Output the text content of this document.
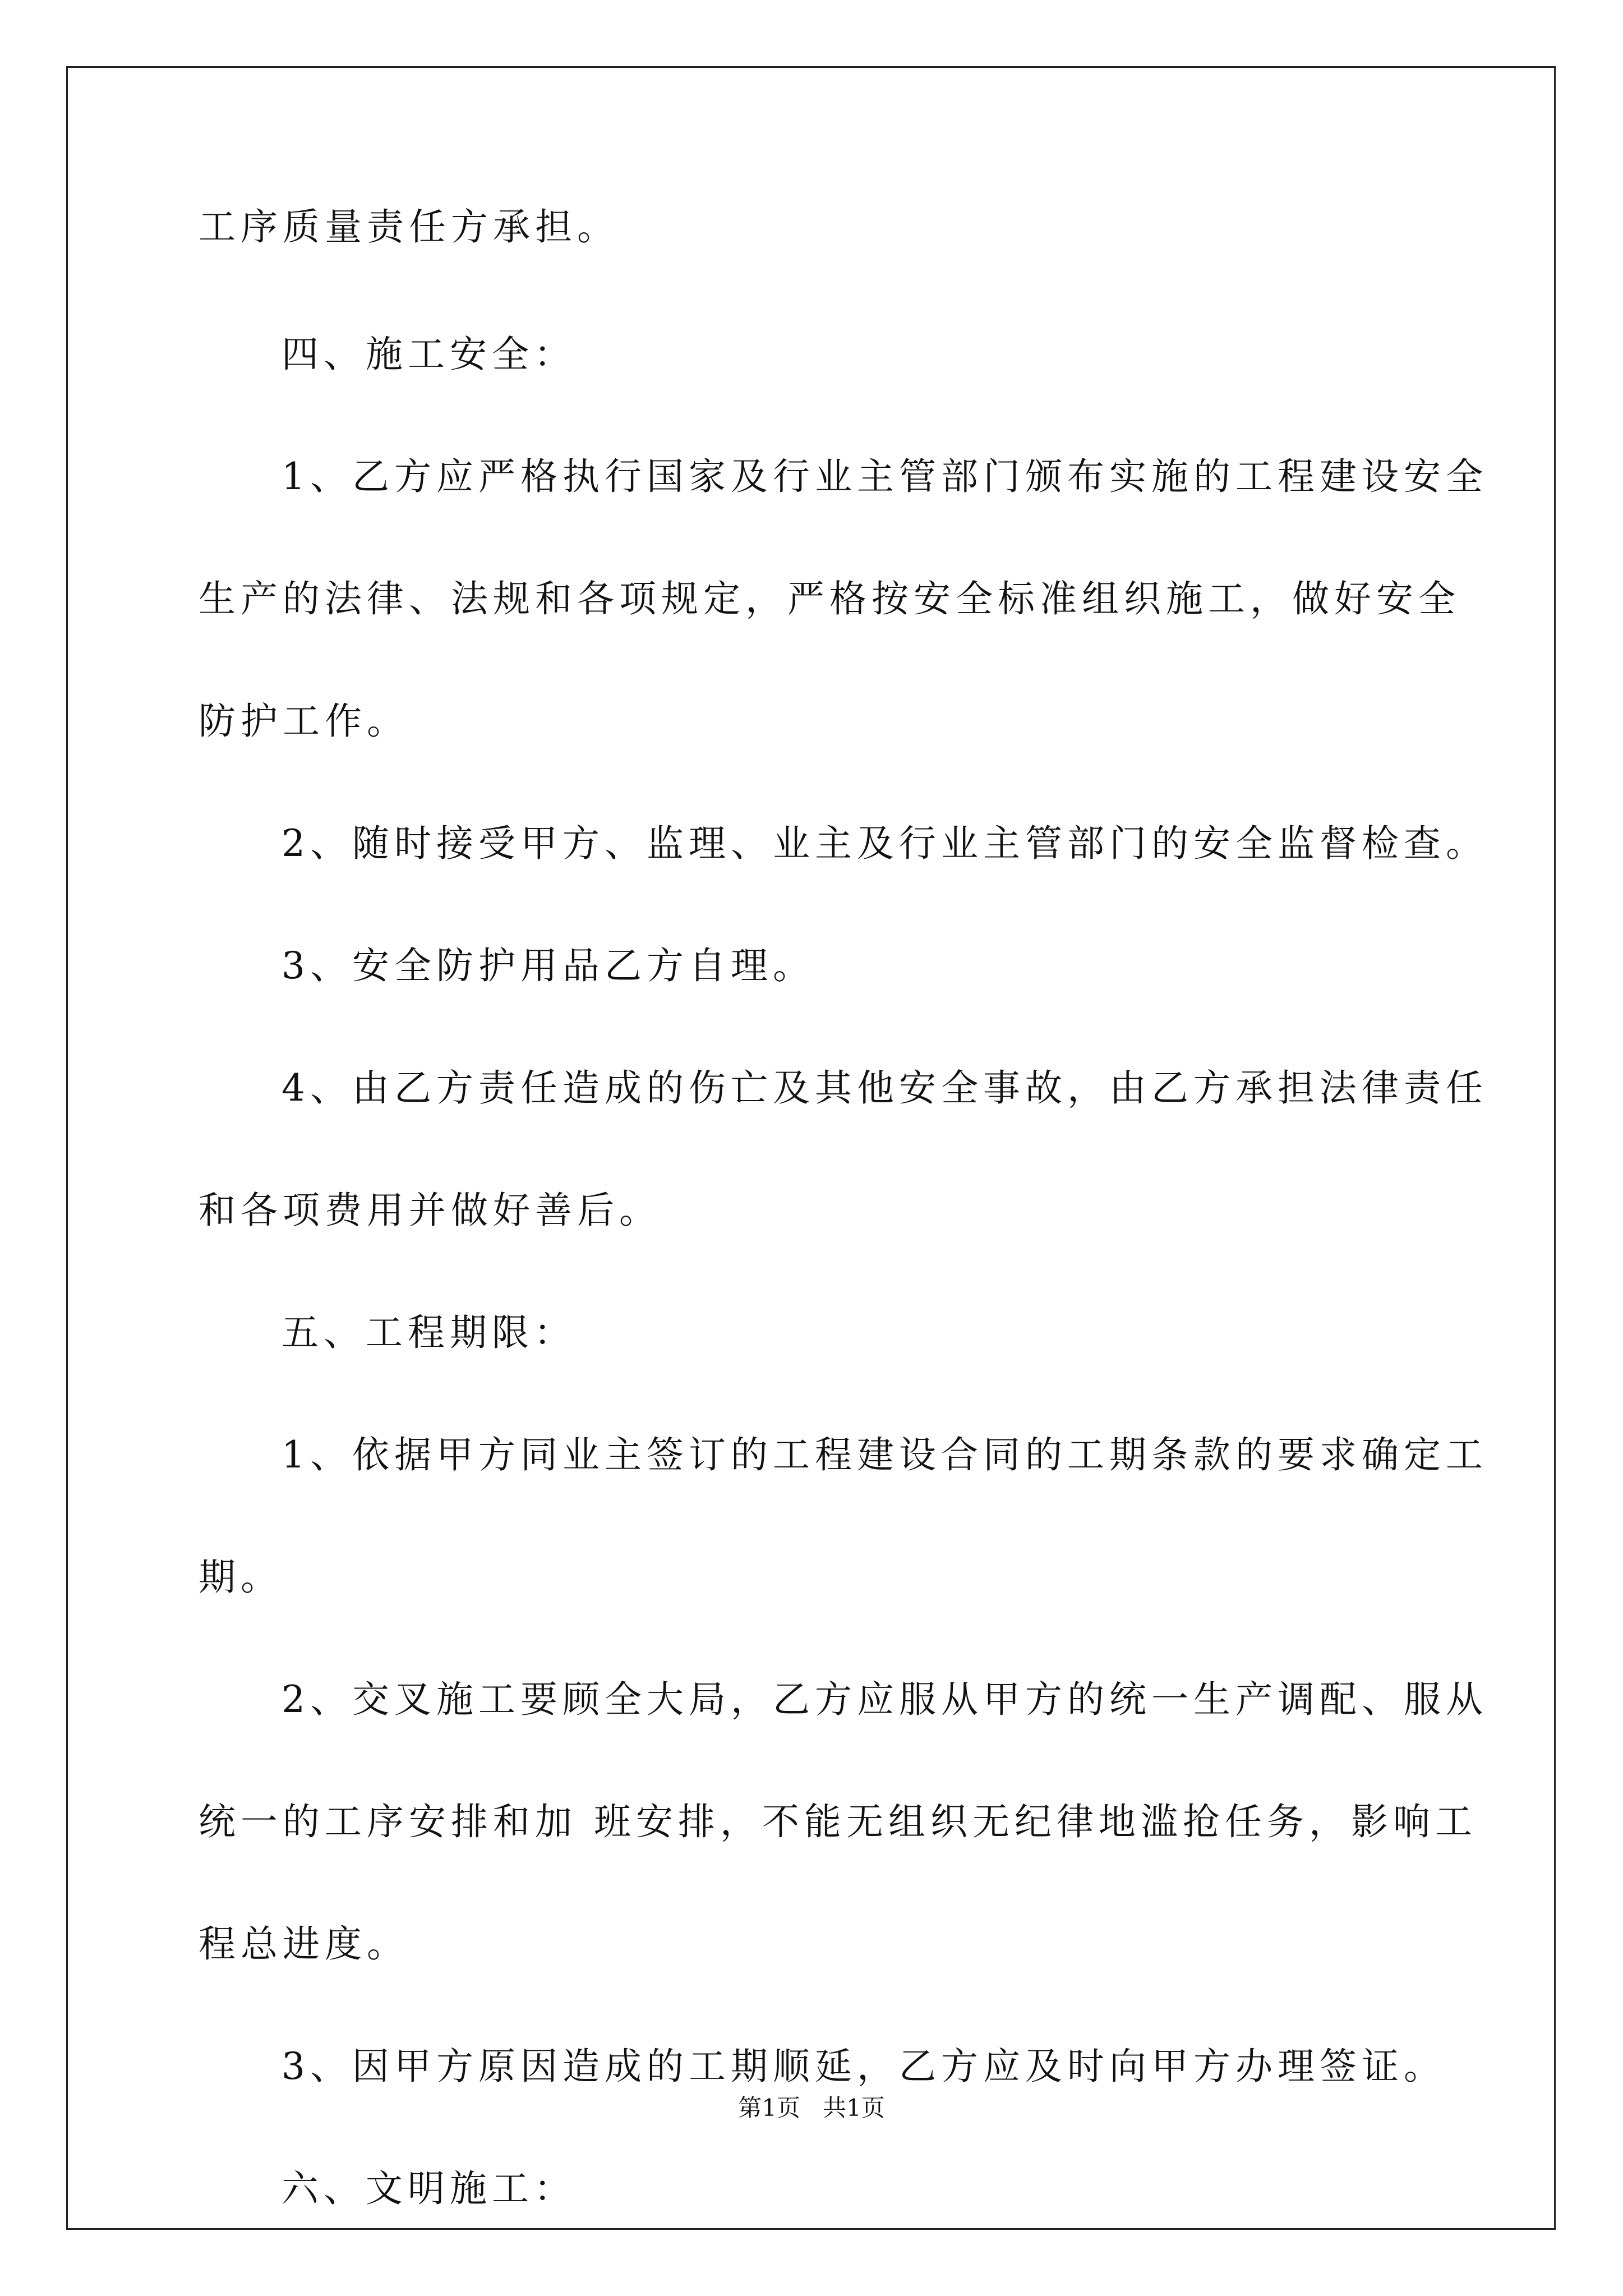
工序质量责任方承担。
四、施工安全：
1、乙方应严格执行国家及行业主管部门颁布实施的工程建设安全
生产的法律、法规和各项规定，严格按安全标准组织施工，做好安全
防护工作。
2、随时接受甲方、监理、业主及行业主管部门的安全监督检查。
3、安全防护用品乙方自理。
4、由乙方责任造成的伤亡及其他安全事故，由乙方承担法律责任
和各项费用并做好善后。
五、工程期限：
1、依据甲方同业主签订的工程建设合同的工期条款的要求确定工
期。
2、交叉施工要顾全大局，乙方应服从甲方的统一生产调配、服从
统一的工序安排和加 班安排，不能无组织无纪律地滥抢任务，影响工
程总进度。
3、因甲方原因造成的工期顺延，乙方应及时向甲方办理签证。
六、文明施工：
第1页   共1页
